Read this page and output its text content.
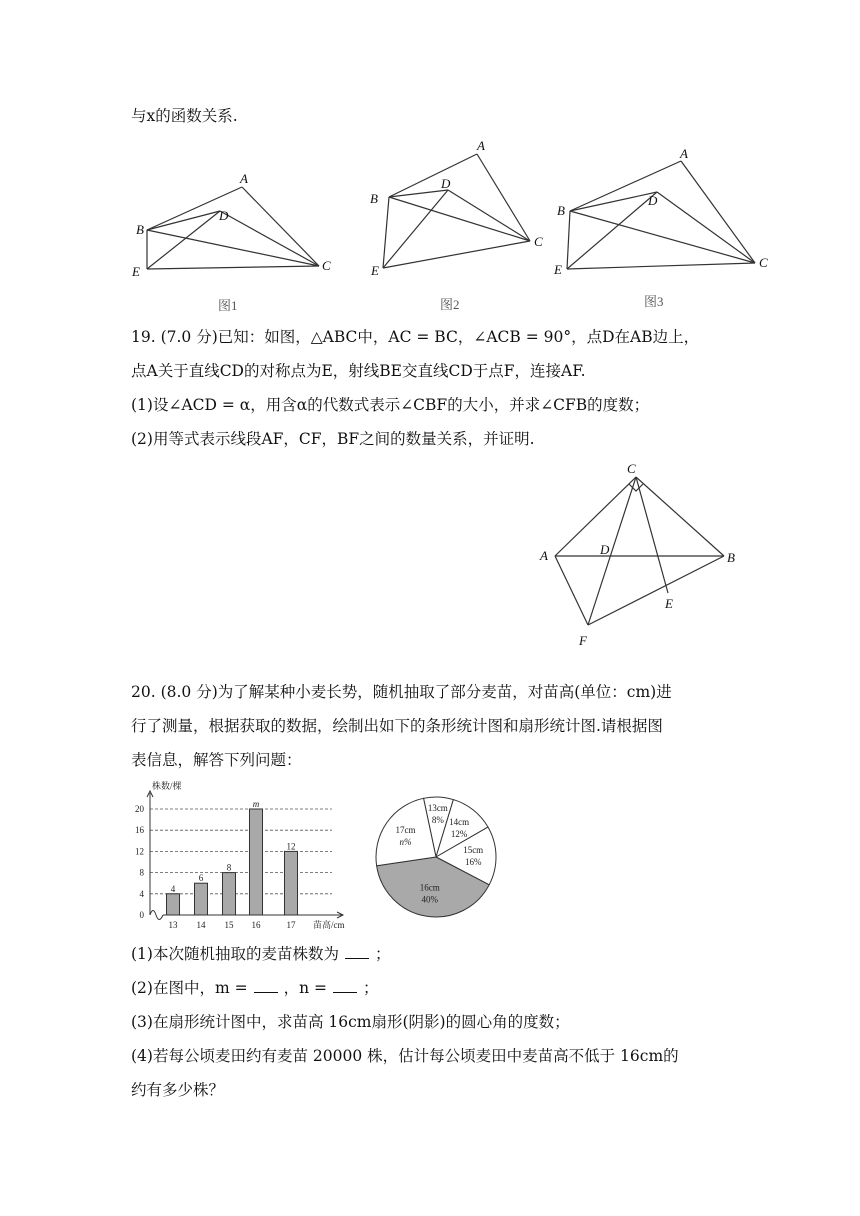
与x的函数关系.
A
B
C
D
E
图1
A
B
C
D
E
图2
A
B
C
D
E
图3
19. (7.0 分)已知：如图，△ABC中，AC = BC，∠ACB = 90°，点D在AB边上，
点A关于直线CD的对称点为E，射线BE交直线CD于点F，连接AF.
(1)设∠ACD = α，用含α的代数式表示∠CBF的大小，并求∠CFB的度数；
(2)用等式表示线段AF，CF，BF之间的数量关系，并证明.
C
A	D
B
E
F
20. (8.0 分)为了解某种小麦长势，随机抽取了部分麦苗，对苗高(单位：cm)进
行了测量，根据获取的数据，绘制出如下的条形统计图和扇形统计图.请根据图
表信息，解答下列问题：
株数/棵
苗高/cm
0
4
8
12
16
20
4
13
6
14
8
15
m
16
12
17
13cm
8% 14cm
12%
15cm
16%
16cm
40%
17cm
n%
(1)本次随机抽取的麦苗株数为 ；
(2)在图中，m = ，n = ；
(3)在扇形统计图中，求苗高 16cm扇形(阴影)的圆心角的度数；
(4)若每公顷麦田约有麦苗 20000 株，估计每公顷麦田中麦苗高不低于 16cm的
约有多少株？
